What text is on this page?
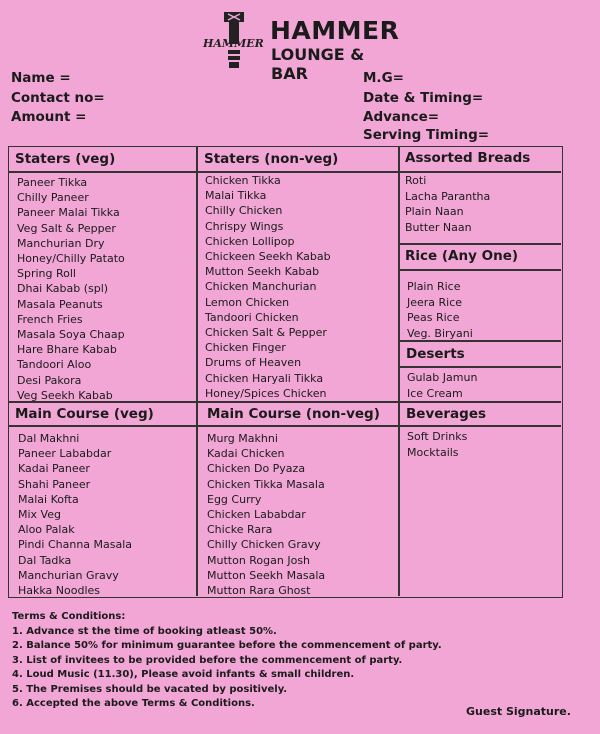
HAMMER HAMMER
LOUNGE & BAR
Name =
Contact no=
Amount =
M.G=
Date & Timing=
Advance=
Serving Timing=
Staters (veg)
Paneer Tikka
Chilly Paneer
Paneer Malai Tikka
Veg Salt & Pepper
Manchurian Dry
Honey/Chilly Patato
Spring Roll
Dhai Kabab (spl)
Masala Peanuts
French Fries
Masala Soya Chaap
Hare Bhare Kabab
Tandoori Aloo
Desi Pakora
Veg Seekh Kabab
Staters (non-veg)
Chicken Tikka
Malai Tikka
Chilly Chicken
Chrispy Wings
Chicken Lollipop
Chickeen Seekh Kabab
Mutton Seekh Kabab
Chicken Manchurian
Lemon Chicken
Tandoori Chicken
Chicken Salt & Pepper
Chicken Finger
Drums of Heaven
Chicken Haryali Tikka
Honey/Spices Chicken
Assorted Breads
Roti
Lacha Parantha
Plain Naan
Butter Naan
Rice (Any One)
Plain Rice
Jeera Rice
Peas Rice
Veg. Biryani
Deserts
Gulab Jamun
Ice Cream
Main Course (veg)
Dal Makhni
Paneer Lababdar
Kadai Paneer
Shahi Paneer
Malai Kofta
Mix Veg
Aloo Palak
Pindi Channa Masala
Dal Tadka
Manchurian Gravy
Hakka Noodles
Main Course (non-veg)
Murg Makhni
Kadai Chicken
Chicken Do Pyaza
Chicken Tikka Masala
Egg Curry
Chicken Lababdar
Chicke Rara
Chilly Chicken Gravy
Mutton Rogan Josh
Mutton Seekh Masala
Mutton Rara Ghost
Beverages
Soft Drinks
Mocktails
Terms & Conditions:
1. Advance st the time of booking atleast 50%.
2. Balance 50% for minimum guarantee before the commencement of party.
3. List of invitees to be provided before the commencement of party.
4. Loud Music (11.30), Please avoid infants & small children.
5. The Premises should be vacated by positively.
6. Accepted the above Terms & Conditions.
Guest Signature.
